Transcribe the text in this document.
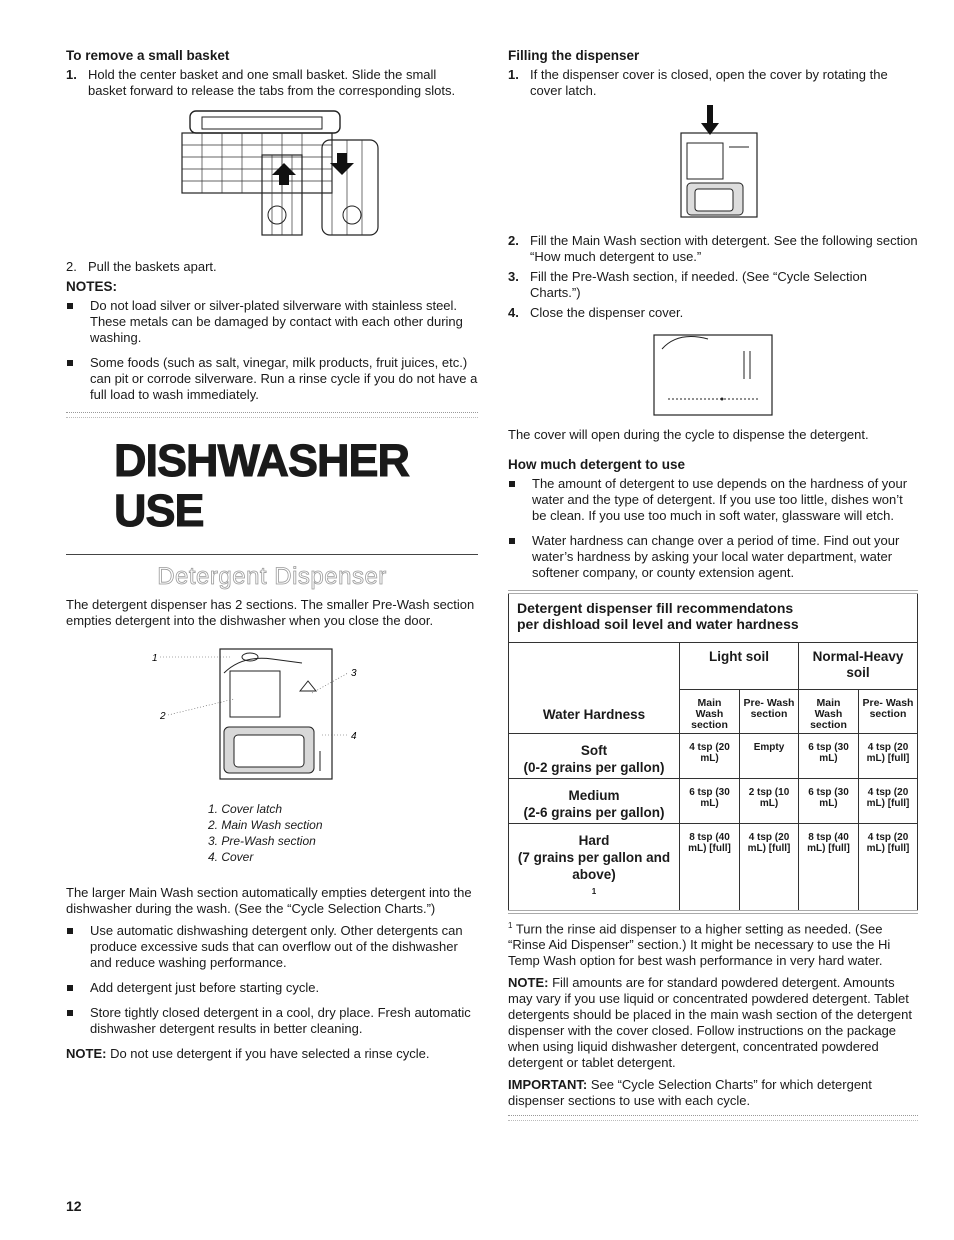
To remove a small basket
1. Hold the center basket and one small basket. Slide the small basket forward to release the tabs from the corresponding slots.
2. Pull the baskets apart.
NOTES:
Do not load silver or silver-plated silverware with stainless steel. These metals can be damaged by contact with each other during washing.
Some foods (such as salt, vinegar, milk products, fruit juices, etc.) can pit or corrode silverware. Run a rinse cycle if you do not have a full load to wash immediately.
DISHWASHER USE
Detergent Dispenser
The detergent dispenser has 2 sections. The smaller Pre-Wash section empties detergent into the dishwasher when you close the door.
1
2
3
4
1. Cover latch
2. Main Wash section
3. Pre-Wash section
4. Cover
The larger Main Wash section automatically empties detergent into the dishwasher during the wash. (See the “Cycle Selection Charts.”)
Use automatic dishwashing detergent only. Other detergents can produce excessive suds that can overflow out of the dishwasher and reduce washing performance.
Add detergent just before starting cycle.
Store tightly closed detergent in a cool, dry place. Fresh automatic dishwasher detergent results in better cleaning.
NOTE: Do not use detergent if you have selected a rinse cycle.
Filling the dispenser
1. If the dispenser cover is closed, open the cover by rotating the cover latch.
2. Fill the Main Wash section with detergent. See the following section “How much detergent to use.”
3. Fill the Pre-Wash section, if needed. (See “Cycle Selection Charts.”)
4. Close the dispenser cover.
The cover will open during the cycle to dispense the detergent.
How much detergent to use
The amount of detergent to use depends on the hardness of your water and the type of detergent. If you use too little, dishes won’t be clean. If you use too much in soft water, glassware will etch.
Water hardness can change over a period of time. Find out your water’s hardness by asking your local water department, water softener company, or county extension agent.
Detergent dispenser fill recommendatons
per dishload soil level and water hardness				

Water Hardness	Light soil		Normal-Heavy
soil	

	Main Wash section	Pre- Wash section	Main Wash section	Pre- Wash section

Soft
(0-2 grains per gallon)	4 tsp (20 mL)	Empty	6 tsp (30 mL)	4 tsp (20 mL) [full]

Medium
(2-6 grains per gallon)	6 tsp (30 mL)	2 tsp (10 mL)	6 tsp (30 mL)	4 tsp (20 mL) [full]

Hard
(7 grains per gallon and above)
$^1$	8 tsp (40 mL) [full]	4 tsp (20 mL) [full]	8 tsp (40 mL) [full]	4 tsp (20 mL) [full]
$^1$ Turn the rinse aid dispenser to a higher setting as needed. (See “Rinse Aid Dispenser” section.) It might be necessary to use the Hi Temp Wash option for best wash performance in very hard water.
NOTE: Fill amounts are for standard powdered detergent. Amounts may vary if you use liquid or concentrated powdered detergent. Tablet detergents should be placed in the main wash section of the detergent dispenser with the cover closed. Follow instructions on the package when using liquid dishwasher detergent, concentrated powdered detergent or tablet detergent.
IMPORTANT: See “Cycle Selection Charts” for which detergent dispenser sections to use with each cycle.
12
